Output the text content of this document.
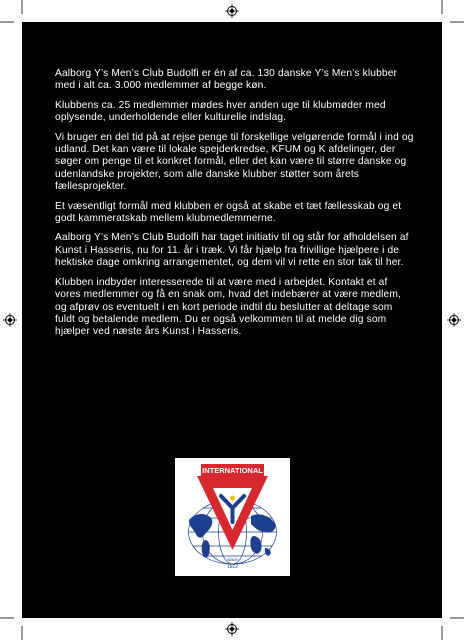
Aalborg Y’s Men’s Club Budolfi er én af ca. 130 danske Y’s Men’s klubber med i alt ca. 3.000 medlemmer af begge køn.

Klubbens ca. 25 medlemmer mødes hver anden uge til klubmøder med oplysende, underholdende eller kulturelle indslag.

Vi bruger en del tid på at rejse penge til forskellige velgørende formål i ind og udland. Det kan være til lokale spejderkredse, KFUM og K afdelinger, der søger om penge til et konkret formål, eller det kan være til større danske og udenlandske projekter, som alle danske klubber støtter som årets fællesprojekter.

Et væsentligt formål med klubben er også at skabe et tæt fællesskab og et godt kammeratskab mellem klubmedlemmerne.

Aalborg Y’s Men’s Club Budolfi har taget initiativ til og står for afholdelsen af Kunst i Hasseris, nu for 11. år i træk. Vi får hjælp fra frivillige hjælpere i de hektiske dage omkring arrangementet, og dem vil vi rette en stor tak til her.

Klubben indbyder interesserede til at være med i arbejdet. Kontakt et af vores medlemmer og få en snak om, hvad det indebærer at være medlem, og afprøv os eventuelt i en kort periode indtil du beslutter at deltage som fuldt og betalende medlem. Du er også velkommen til at melde dig som hjælper ved næste års Kunst i Hasseris.

INTERNATIONAL
since
1922
